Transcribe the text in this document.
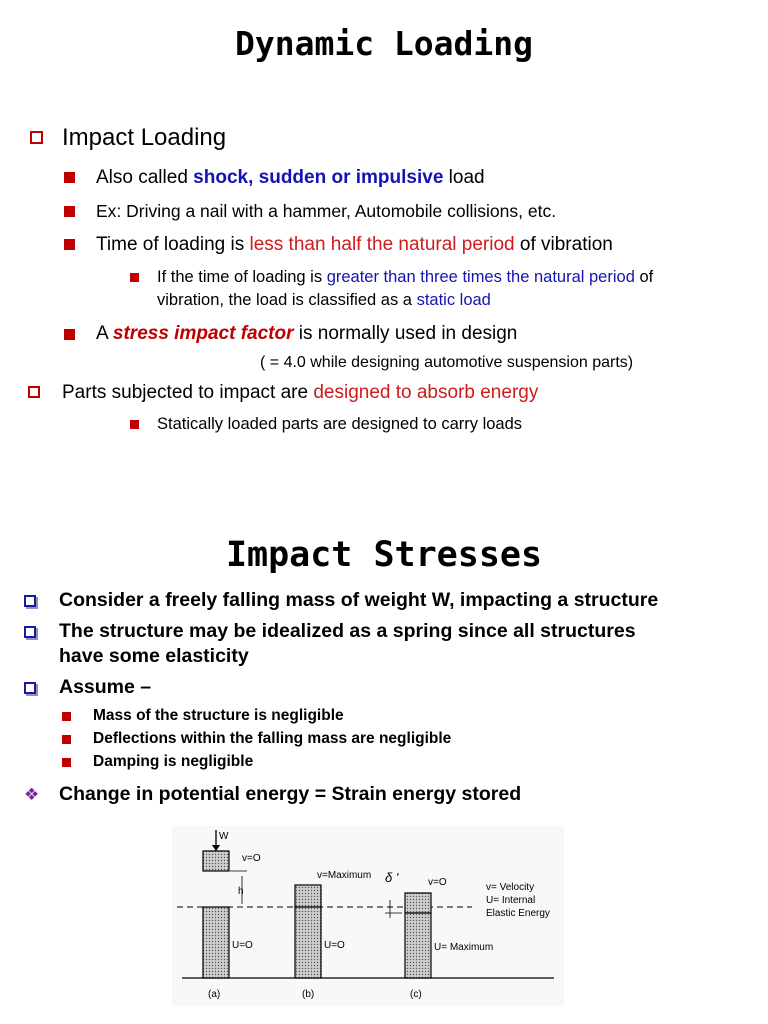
Dynamic Loading
Impact Loading
Also called shock, sudden or impulsive load
Ex: Driving a nail with a hammer, Automobile collisions, etc.
Time of loading is less than half the natural period of vibration
If the time of loading is greater than three times the natural period of
vibration, the load is classified as a static load
A stress impact factor is normally used in design
( = 4.0 while designing automotive suspension parts)
Parts subjected to impact are designed to absorb energy
Statically loaded parts are designed to carry loads
Impact Stresses
Consider a freely falling mass of weight W, impacting a structure
The structure may be idealized as a spring since all structures
have some elasticity
Assume –
Mass of the structure is negligible
Deflections within the falling mass are negligible
Damping is negligible
❖ Change in potential energy = Strain energy stored
W
v=O
h
U=O
(a)
v=Maximum
U=O
(b)
δ '	v=O
U= Maximum
(c)
v= Velocity
U= Internal
Elastic Energy
